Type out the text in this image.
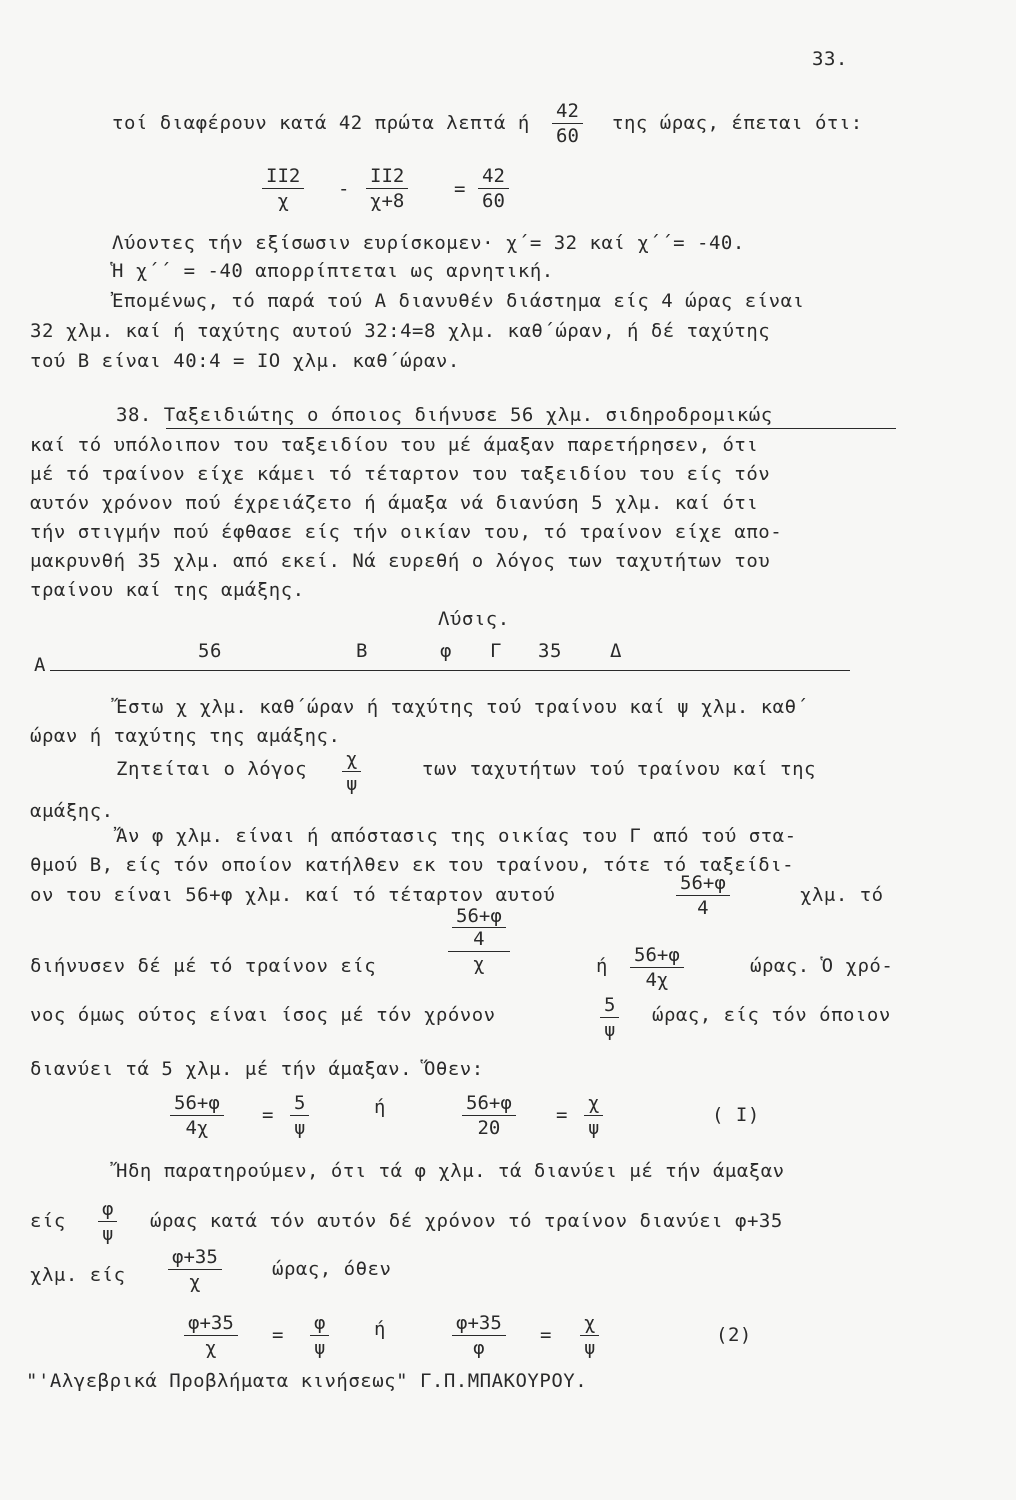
33.
τοί διαφέρουν κατά 42 πρώτα λεπτά ή $\frac{42}{60}$ της ώρας, έπεται ότι:
$\frac{II2}{\chi} - \frac{II2}{\chi+8} = \frac{42}{60}$
Λύοντες τήν εξίσωσιν ευρίσκομεν· χ΄= 32 καί χ΄΄= -40.
Ἡ χ΄΄ = -40 απορρίπτεται ως αρνητική.
Ἐπομένως, τό παρά τού Α διανυθέν διάστημα είς 4 ώρας είναι
32 χλμ. καί ή ταχύτης αυτού 32:4=8 χλμ. καθ΄ώραν, ή δέ ταχύτης
τού Β είναι 40:4 = ΙΟ χλμ. καθ΄ώραν.
38. Ταξειδιώτης ο όποιος διήνυσε 56 χλμ. σιδηροδρομικώς
καί τό υπόλοιπον του ταξειδίου του μέ άμαξαν παρετήρησεν, ότι
μέ τό τραίνον είχε κάμει τό τέταρτον του ταξειδίου του είς τόν
αυτόν χρόνον πού έχρειάζετο ή άμαξα νά διανύση 5 χλμ. καί ότι
τήν στιγμήν πού έφθασε είς τήν οικίαν του, τό τραίνον είχε απο-
μακρυνθή 35 χλμ. από εκεί. Νά ευρεθή ο λόγος των ταχυτήτων του
τραίνου καί της αμάξης.
Λύσις.
Α
56	Β	φ Γ 35	Δ
Ἔστω χ χλμ. καθ΄ώραν ή ταχύτης τού τραίνου καί ψ χλμ. καθ΄
ώραν ή ταχύτης της αμάξης.
Ζητείται ο λόγος $\frac{\chi}{\psi}$	των ταχυτήτων τού τραίνου καί της
αμάξης.
Ἄν φ χλμ. είναι ή απόστασις της οικίας του Γ από τού στα-
θμού Β, είς τόν οποίον κατήλθεν εκ του τραίνου, τότε τό ταξείδι-
ον του είναι 56+φ χλμ. καί τό τέταρτον αυτού	$\frac{56+\varphi}{4}$	χλμ. τό
διήνυσεν δέ μέ τό τραίνον είς	56+φ
4
χ	ή $\frac{56+\varphi}{4\chi}$	ώρας. Ὁ χρό-
νος όμως ούτος είναι ίσος μέ τόν χρόνον	$\frac{5}{\psi} ώ\rho\alpha\varsigma$, είς τόν όποιον
διανύει τά 5 χλμ. μέ τήν άμαξαν. Ὅθεν:
$\frac{56+\varphi}{4\chi} = \frac{5}{\psi}$	ή	$\frac{56+\varphi}{20} = \frac{\chi}{\psi}$	( I)
Ἤδη παρατηρούμεν, ότι τά φ χλμ. τά διανύει μέ τήν άμαξαν
είς $\frac{\varphi}{\psi}$ ώρας κατά τόν αυτόν δέ χρόνον τό τραίνον διανύει φ+35
χλμ. είς $\frac{\varphi+35}{\chi}$	ώρας, όθεν
$\frac{\varphi+35}{\chi} = \frac{\varphi}{\psi}$ ή	$\frac{\varphi+35}{\varphi} = \frac{\chi}{\psi}$	(2)
"'Αλγεβρικά Προβλήματα κινήσεως" Γ.Π.ΜΠΑΚΟΥΡΟΥ.
